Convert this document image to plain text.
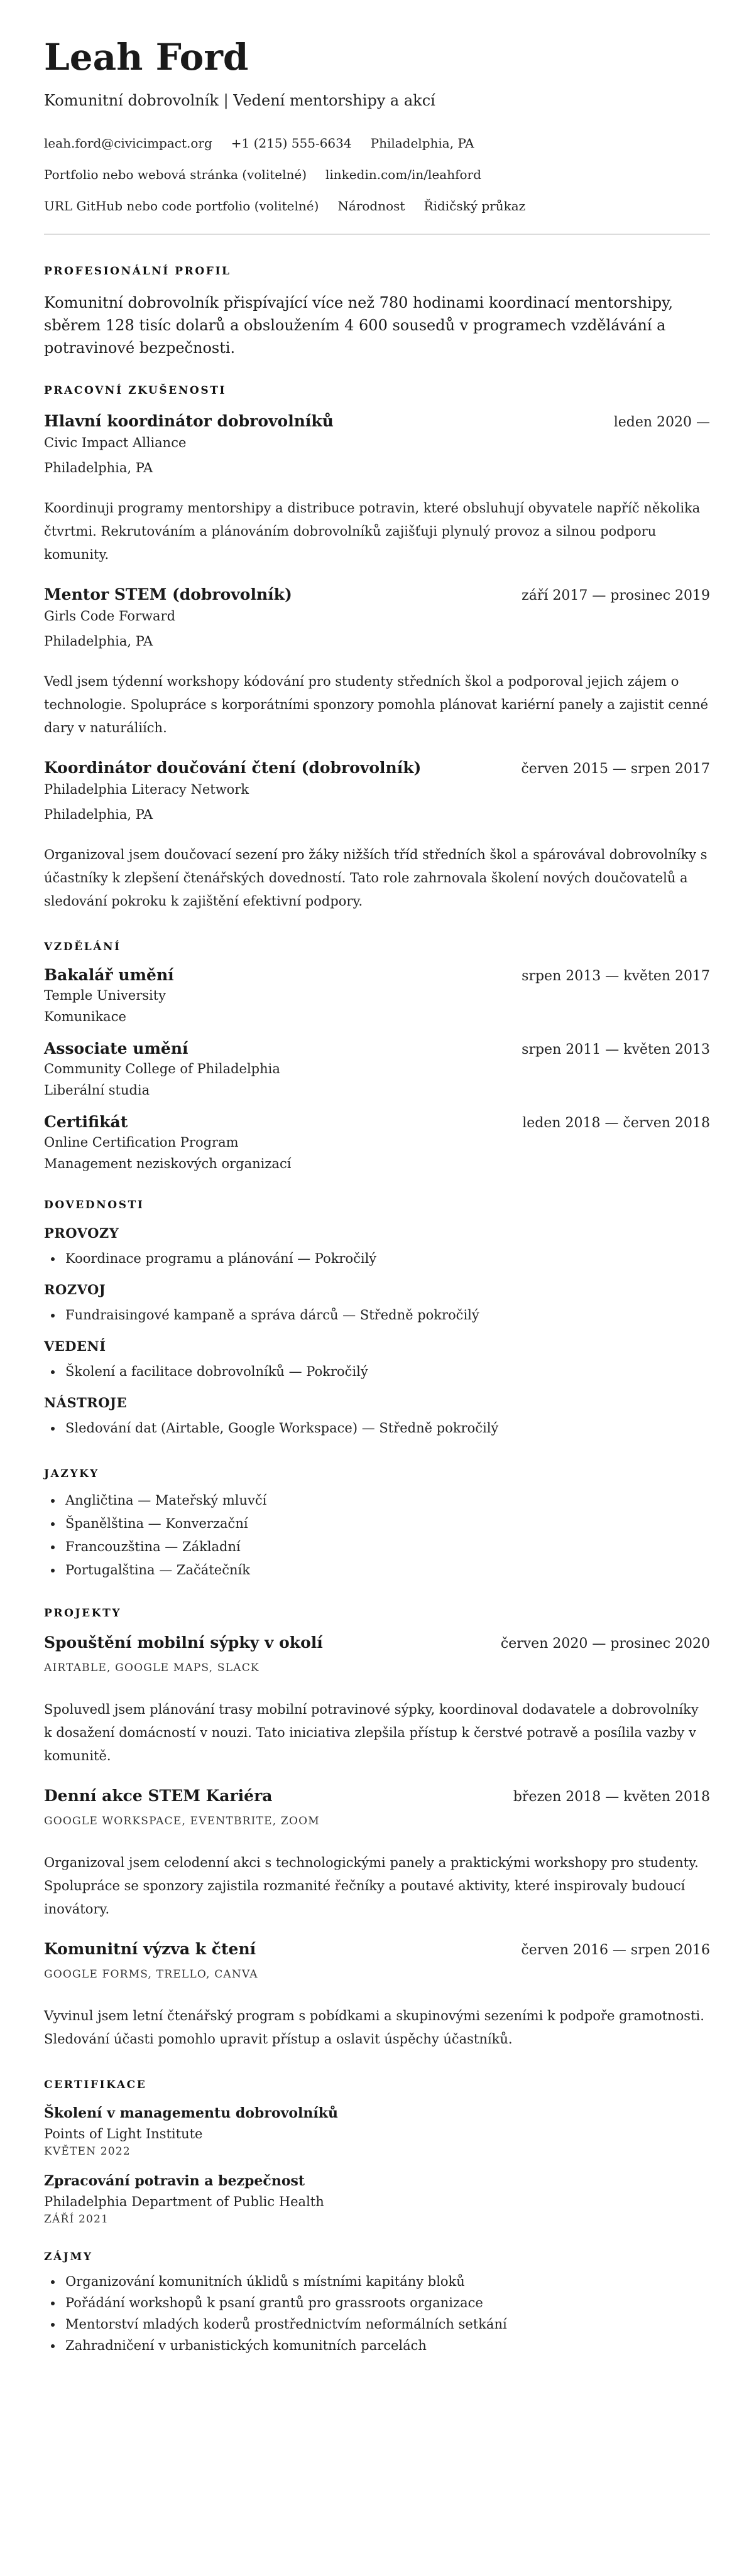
Leah Ford
Komunitní dobrovolník | Vedení mentorshipy a akcí
leah.ford@civicimpact.org +1 (215) 555-6634 Philadelphia, PA
Portfolio nebo webová stránka (volitelné) linkedin.com/in/leahford
URL GitHub nebo code portfolio (volitelné) Národnost Řidičský průkaz
PROFESIONÁLNÍ PROFIL
Komunitní dobrovolník přispívající více než 780 hodinami koordinací mentorshipy, sběrem 128 tisíc dolarů a obsloužením 4 600 sousedů v programech vzdělávání a potravinové bezpečnosti.
PRACOVNÍ ZKUŠENOSTI
Hlavní koordinátor dobrovolníků	leden 2020 —
Civic Impact Alliance
Philadelphia, PA
Koordinuji programy mentorshipy a distribuce potravin, které obsluhují obyvatele napříč několika čtvrtmi. Rekrutováním a plánováním dobrovolníků zajišťuji plynulý provoz a silnou podporu komunity.
Mentor STEM (dobrovolník)	září 2017 — prosinec 2019
Girls Code Forward
Philadelphia, PA
Vedl jsem týdenní workshopy kódování pro studenty středních škol a podporoval jejich zájem o technologie. Spolupráce s korporátními sponzory pomohla plánovat kariérní panely a zajistit cenné dary v naturáliích.
Koordinátor doučování čtení (dobrovolník)	červen 2015 — srpen 2017
Philadelphia Literacy Network
Philadelphia, PA
Organizoval jsem doučovací sezení pro žáky nižších tříd středních škol a spárovával dobrovolníky s účastníky k zlepšení čtenářských dovedností. Tato role zahrnovala školení nových doučovatelů a sledování pokroku k zajištění efektivní podpory.
VZDĚLÁNÍ
Bakalář umění	srpen 2013 — květen 2017
Temple University
Komunikace
Associate umění	srpen 2011 — květen 2013
Community College of Philadelphia
Liberální studia
Certifikát	leden 2018 — červen 2018
Online Certification Program
Management neziskových organizací
DOVEDNOSTI
PROVOZY
• Koordinace programu a plánování — Pokročilý
ROZVOJ
• Fundraisingové kampaně a správa dárců — Středně pokročilý
VEDENÍ
• Školení a facilitace dobrovolníků — Pokročilý
NÁSTROJE
• Sledování dat (Airtable, Google Workspace) — Středně pokročilý
JAZYKY
• Angličtina — Mateřský mluvčí
• Španělština — Konverzační
• Francouzština — Základní
• Portugalština — Začátečník
PROJEKTY
Spouštění mobilní sýpky v okolí	červen 2020 — prosinec 2020
AIRTABLE, GOOGLE MAPS, SLACK
Spoluvedl jsem plánování trasy mobilní potravinové sýpky, koordinoval dodavatele a dobrovolníky k dosažení domácností v nouzi. Tato iniciativa zlepšila přístup k čerstvé potravě a posílila vazby v komunitě.
Denní akce STEM Kariéra	březen 2018 — květen 2018
GOOGLE WORKSPACE, EVENTBRITE, ZOOM
Organizoval jsem celodenní akci s technologickými panely a praktickými workshopy pro studenty. Spolupráce se sponzory zajistila rozmanité řečníky a poutavé aktivity, které inspirovaly budoucí inovátory.
Komunitní výzva k čtení	červen 2016 — srpen 2016
GOOGLE FORMS, TRELLO, CANVA
Vyvinul jsem letní čtenářský program s pobídkami a skupinovými sezeními k podpoře gramotnosti. Sledování účasti pomohlo upravit přístup a oslavit úspěchy účastníků.
CERTIFIKACE
Školení v managementu dobrovolníků
Points of Light Institute
KVĚTEN 2022
Zpracování potravin a bezpečnost
Philadelphia Department of Public Health
ZÁŘÍ 2021
ZÁJMY
• Organizování komunitních úklidů s místními kapitány bloků
• Pořádání workshopů k psaní grantů pro grassroots organizace
• Mentorství mladých koderů prostřednictvím neformálních setkání
• Zahradničení v urbanistických komunitních parcelách
